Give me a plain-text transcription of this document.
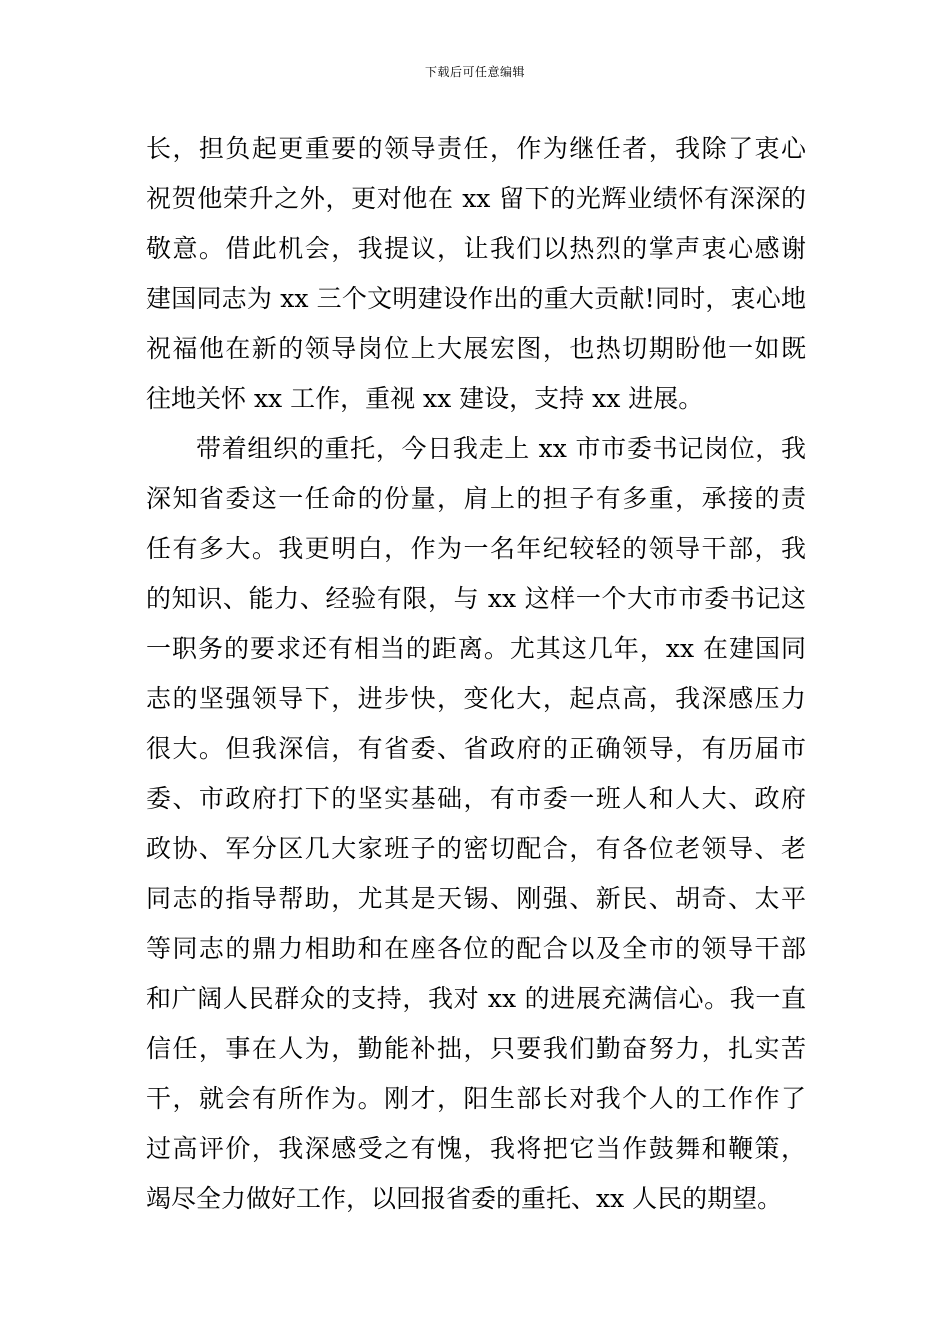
下载后可任意编辑
长，担负起更重要的领导责任，作为继任者，我除了衷心
祝贺他荣升之外，更对他在 xx 留下的光辉业绩怀有深深的
敬意。借此机会，我提议，让我们以热烈的掌声衷心感谢
建国同志为 xx 三个文明建设作出的重大贡献!同时，衷心地
祝福他在新的领导岗位上大展宏图，也热切期盼他一如既
往地关怀 xx 工作，重视 xx 建设，支持 xx 进展。
带着组织的重托，今日我走上 xx 市市委书记岗位，我
深知省委这一任命的份量，肩上的担子有多重，承接的责
任有多大。我更明白，作为一名年纪较轻的领导干部，我
的知识、能力、经验有限，与 xx 这样一个大市市委书记这
一职务的要求还有相当的距离。尤其这几年，xx 在建国同
志的坚强领导下，进步快，变化大，起点高，我深感压力
很大。但我深信，有省委、省政府的正确领导，有历届市
委、市政府打下的坚实基础，有市委一班人和人大、政府
政协、军分区几大家班子的密切配合，有各位老领导、老
同志的指导帮助，尤其是天锡、刚强、新民、胡奇、太平
等同志的鼎力相助和在座各位的配合以及全市的领导干部
和广阔人民群众的支持，我对 xx 的进展充满信心。我一直
信任，事在人为，勤能补拙，只要我们勤奋努力，扎实苦
干，就会有所作为。刚才，阳生部长对我个人的工作作了
过高评价，我深感受之有愧，我将把它当作鼓舞和鞭策，
竭尽全力做好工作，以回报省委的重托、xx 人民的期望。
